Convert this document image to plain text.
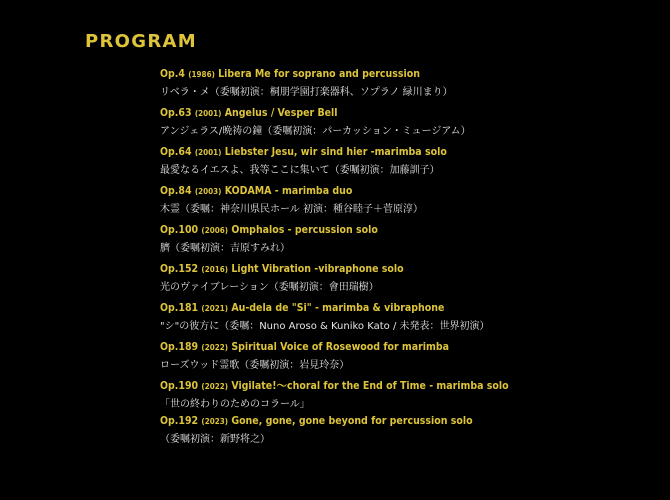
PROGRAM
Op.4 (1986) Libera Me for soprano and percussion
リベラ・メ（委嘱初演：桐朋学園打楽器科、ソプラノ 緑川まり）
Op.63 (2001) Angelus / Vesper Bell
アンジェラス/晩祷の鐘（委嘱初演：パーカッション・ミュージアム）
Op.64 (2001) Liebster Jesu, wir sind hier -marimba solo
最愛なるイエスよ、我等ここに集いて（委嘱初演：加藤訓子）
Op.84 (2003) KODAMA - marimba duo
木霊（委嘱：神奈川県民ホール 初演：種谷睦子＋菅原淳）
Op.100 (2006) Omphalos - percussion solo
臍（委嘱初演：吉原すみれ）
Op.152 (2016) Light Vibration -vibraphone solo
光のヴァイブレーション（委嘱初演：會田瑞樹）
Op.181 (2021) Au-dela de "Si" - marimba & vibraphone
"シ"の彼方に（委嘱：Nuno Aroso & Kuniko Kato / 未発表：世界初演）
Op.189 (2022) Spiritual Voice of Rosewood for marimba
ローズウッド霊歌（委嘱初演：岩見玲奈）
Op.190 (2022) Vigilate!～choral for the End of Time - marimba solo
「世の終わりのためのコラール」
Op.192 (2023) Gone, gone, gone beyond for percussion solo
（委嘱初演：新野将之）
